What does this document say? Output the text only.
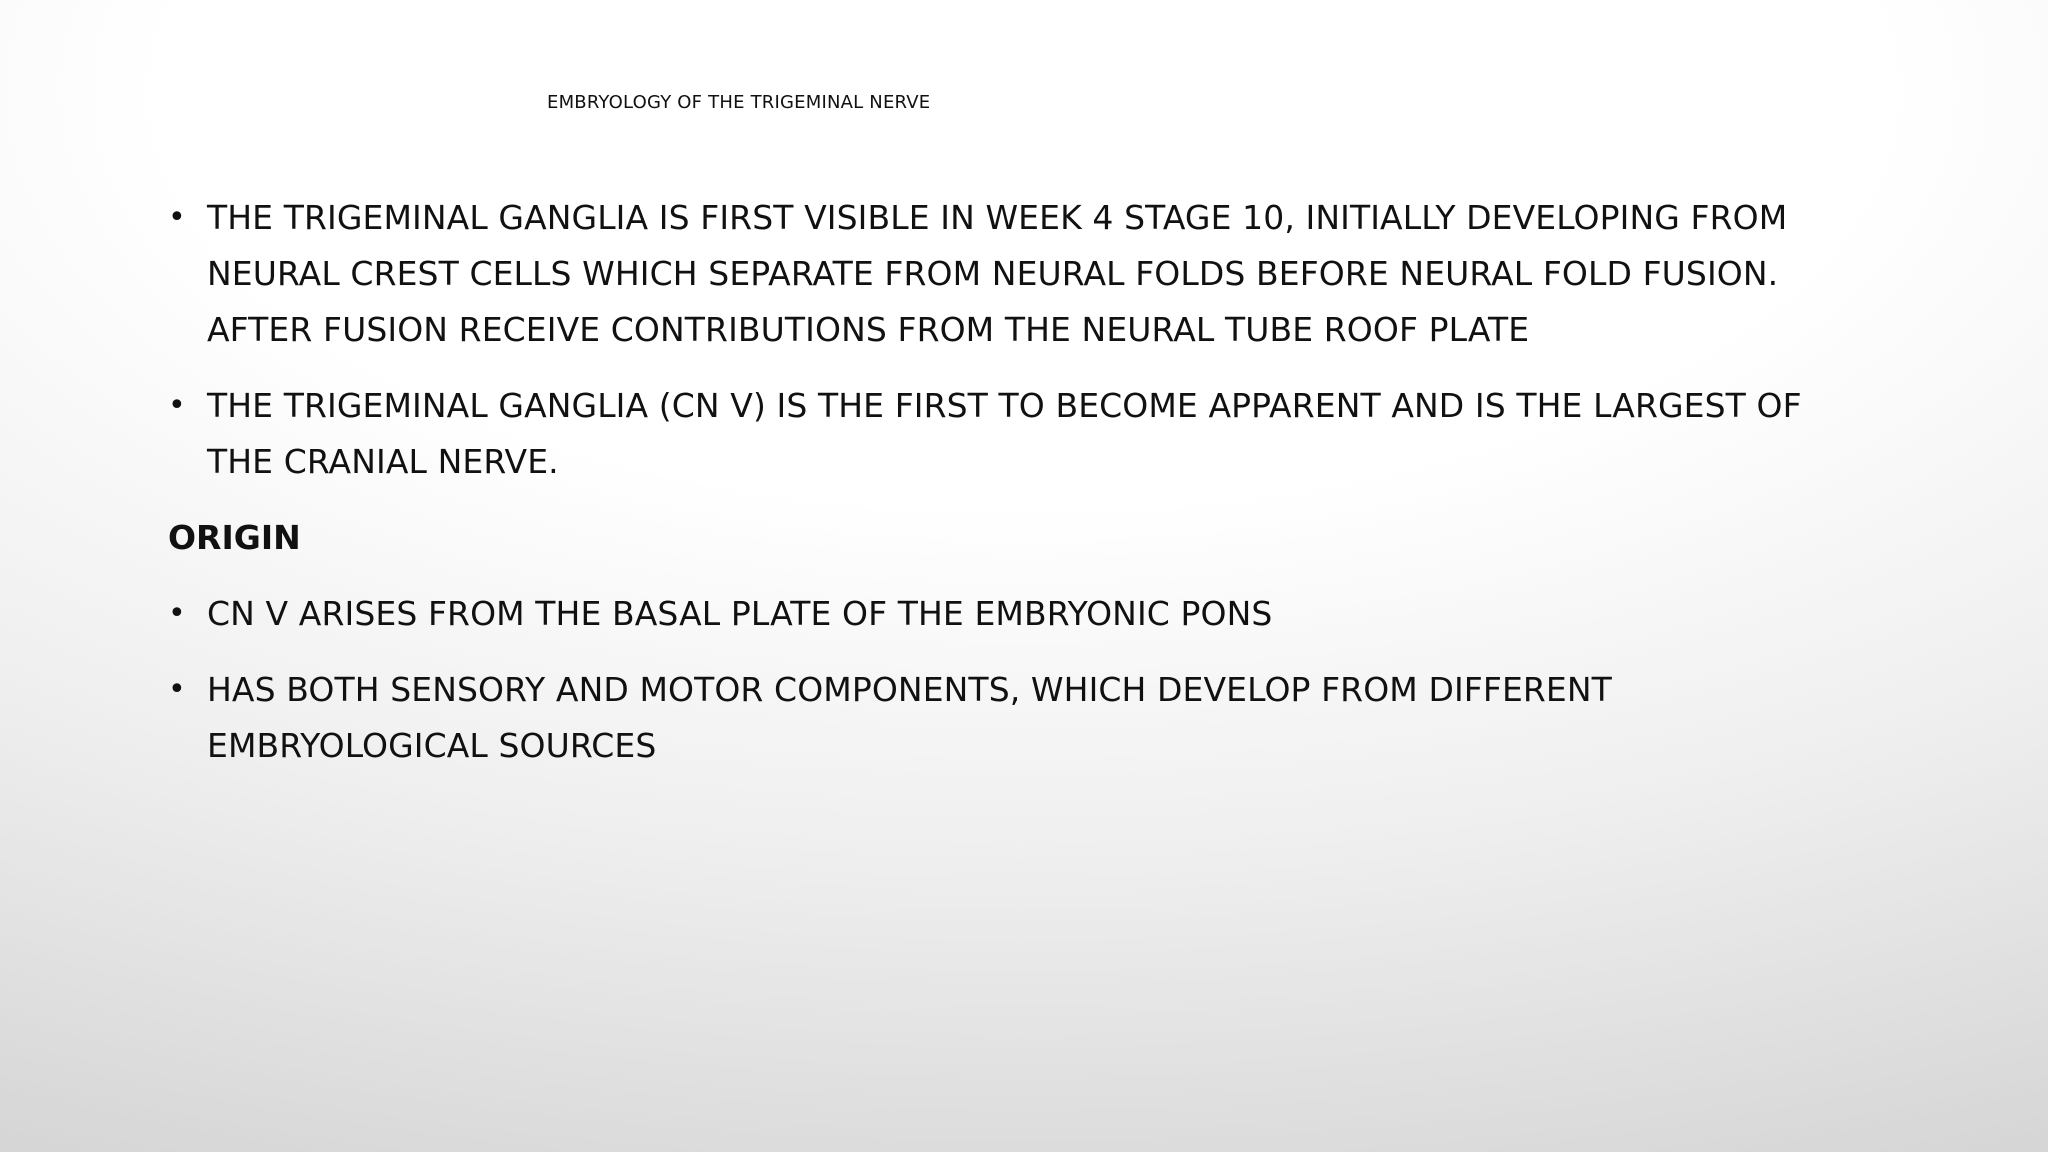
EMBRYOLOGY OF THE TRIGEMINAL NERVE
• THE TRIGEMINAL GANGLIA IS FIRST VISIBLE IN WEEK 4 STAGE 10, INITIALLY DEVELOPING FROM NEURAL CREST CELLS WHICH SEPARATE FROM NEURAL FOLDS BEFORE NEURAL FOLD FUSION. AFTER FUSION RECEIVE CONTRIBUTIONS FROM THE NEURAL TUBE ROOF PLATE
• THE TRIGEMINAL GANGLIA (CN V) IS THE FIRST TO BECOME APPARENT AND IS THE LARGEST OF THE CRANIAL NERVE.
ORIGIN
• CN V ARISES FROM THE BASAL PLATE OF THE EMBRYONIC PONS
• HAS BOTH SENSORY AND MOTOR COMPONENTS, WHICH DEVELOP FROM DIFFERENT EMBRYOLOGICAL SOURCES
